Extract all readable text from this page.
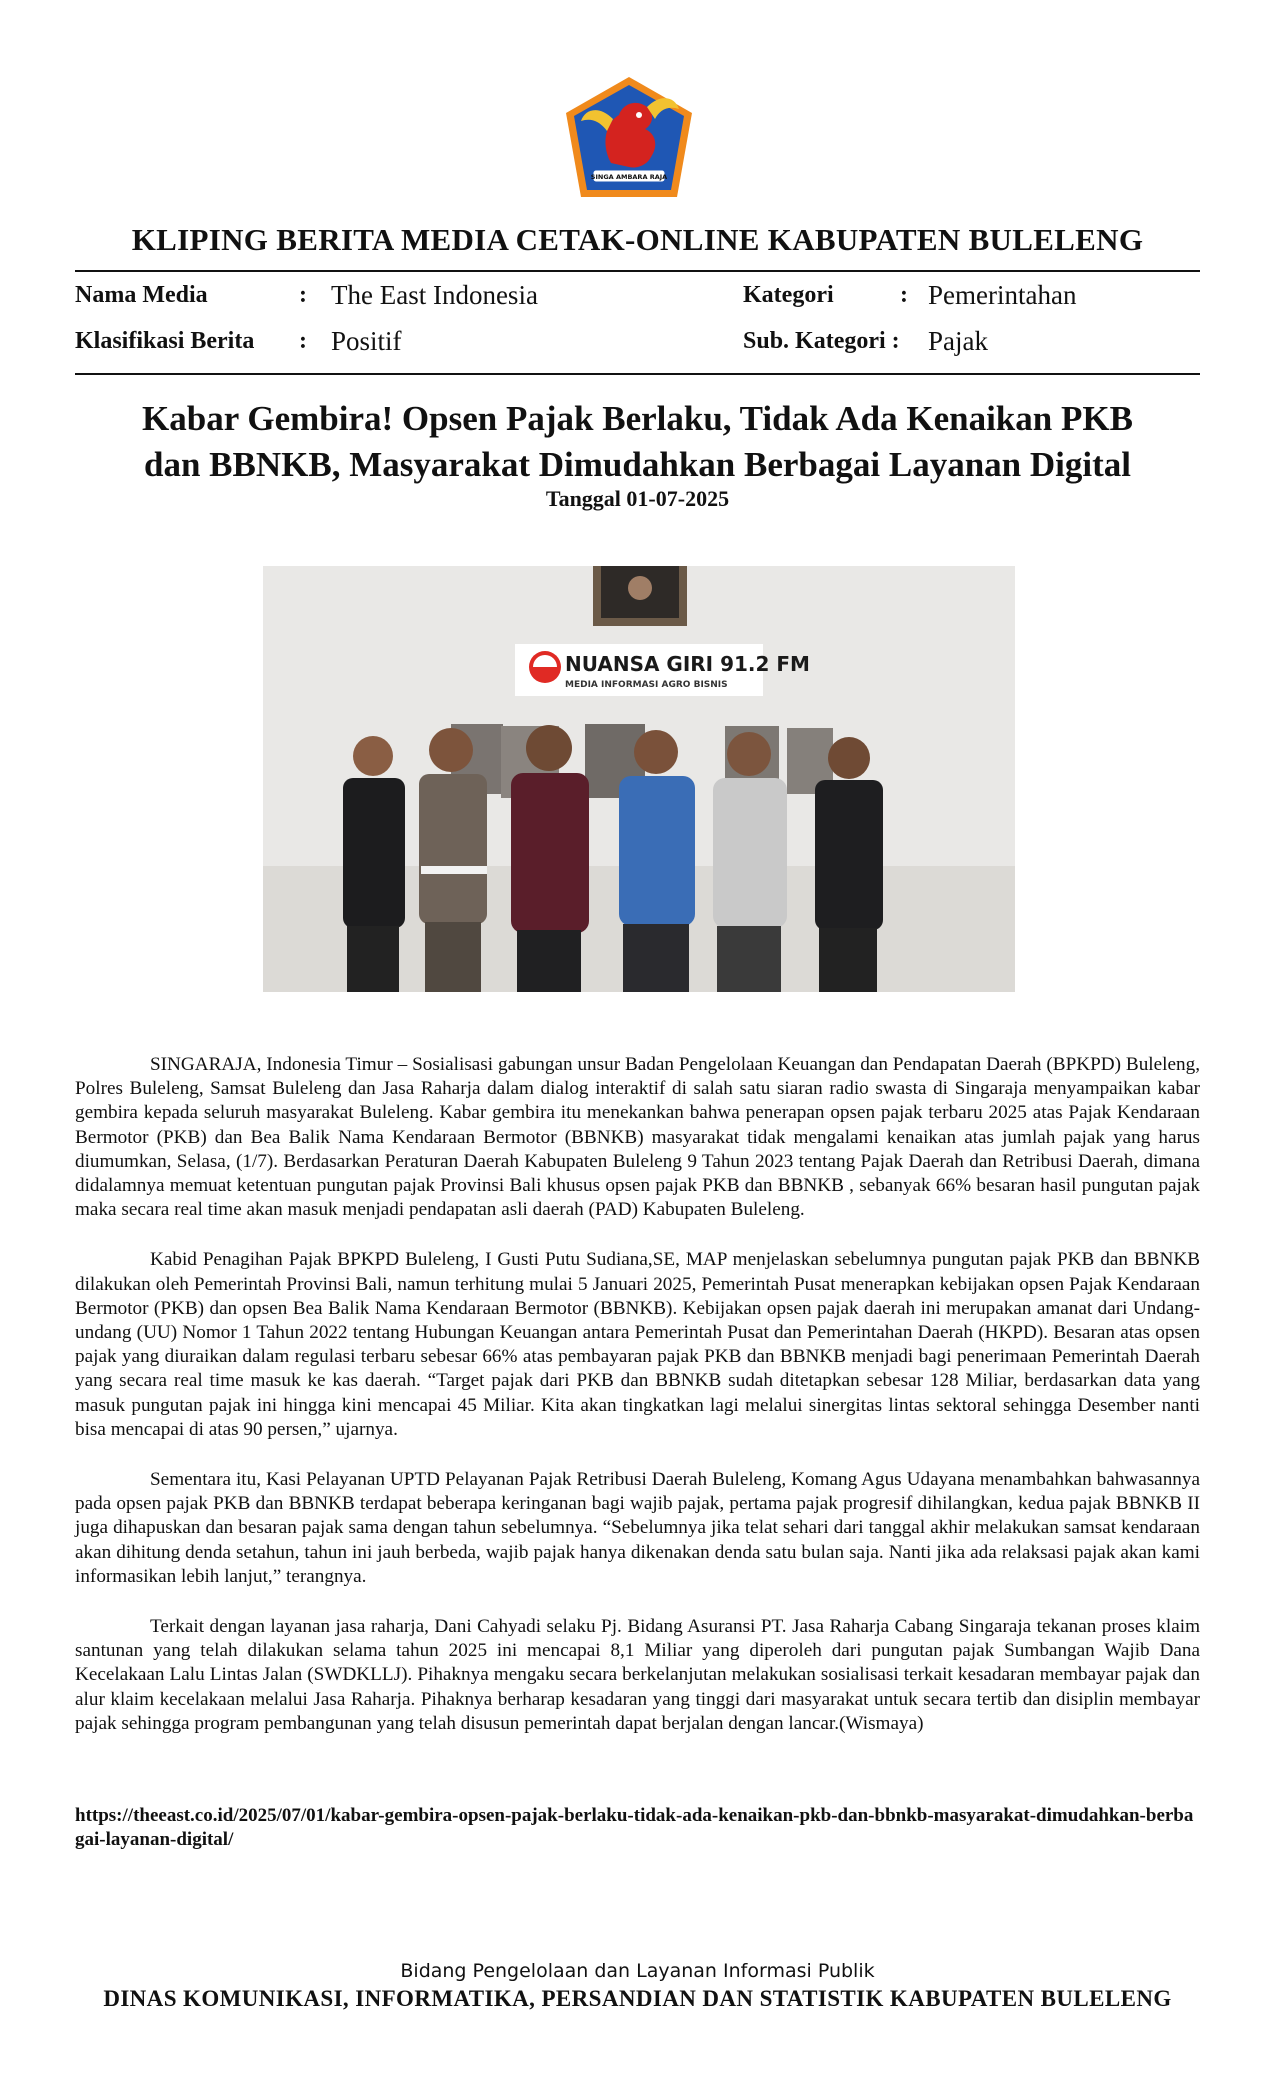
SINGA AMBARA RAJA
KLIPING BERITA MEDIA CETAK-ONLINE KABUPATEN BULELENG
Nama Media	: The East Indonesia	Kategori	: Pemerintahan
Klasifikasi Berita : Positif	Sub. Kategori : Pajak
Kabar Gembira! Opsen Pajak Berlaku, Tidak Ada Kenaikan PKB
dan BBNKB, Masyarakat Dimudahkan Berbagai Layanan Digital
Tanggal 01-07-2025
NUANSA GIRI 91.2 FM
MEDIA INFORMASI AGRO BISNIS

SINGARAJA, Indonesia Timur – Sosialisasi gabungan unsur Badan Pengelolaan Keuangan dan Pendapatan Daerah (BPKPD) Buleleng, Polres Buleleng, Samsat Buleleng dan Jasa Raharja dalam dialog interaktif di salah satu siaran radio swasta di Singaraja menyampaikan kabar gembira kepada seluruh masyarakat Buleleng. Kabar gembira itu menekankan bahwa penerapan opsen pajak terbaru 2025 atas Pajak Kendaraan Bermotor (PKB) dan Bea Balik Nama Kendaraan Bermotor (BBNKB) masyarakat tidak mengalami kenaikan atas jumlah pajak yang harus diumumkan, Selasa, (1/7). Berdasarkan Peraturan Daerah Kabupaten Buleleng 9 Tahun 2023 tentang Pajak Daerah dan Retribusi Daerah, dimana didalamnya memuat ketentuan pungutan pajak Provinsi Bali khusus opsen pajak PKB dan BBNKB , sebanyak 66% besaran hasil pungutan pajak maka secara real time akan masuk menjadi pendapatan asli daerah (PAD) Kabupaten Buleleng.

Kabid Penagihan Pajak BPKPD Buleleng, I Gusti Putu Sudiana,SE, MAP menjelaskan sebelumnya pungutan pajak PKB dan BBNKB dilakukan oleh Pemerintah Provinsi Bali, namun terhitung mulai 5 Januari 2025, Pemerintah Pusat menerapkan kebijakan opsen Pajak Kendaraan Bermotor (PKB) dan opsen Bea Balik Nama Kendaraan Bermotor (BBNKB). Kebijakan opsen pajak daerah ini merupakan amanat dari Undang-undang (UU) Nomor 1 Tahun 2022 tentang Hubungan Keuangan antara Pemerintah Pusat dan Pemerintahan Daerah (HKPD). Besaran atas opsen pajak yang diuraikan dalam regulasi terbaru sebesar 66% atas pembayaran pajak PKB dan BBNKB menjadi bagi penerimaan Pemerintah Daerah yang secara real time masuk ke kas daerah. “Target pajak dari PKB dan BBNKB sudah ditetapkan sebesar 128 Miliar, berdasarkan data yang masuk pungutan pajak ini hingga kini mencapai 45 Miliar. Kita akan tingkatkan lagi melalui sinergitas lintas sektoral sehingga Desember nanti bisa mencapai di atas 90 persen,” ujarnya.

Sementara itu, Kasi Pelayanan UPTD Pelayanan Pajak Retribusi Daerah Buleleng, Komang Agus Udayana menambahkan bahwasannya pada opsen pajak PKB dan BBNKB terdapat beberapa keringanan bagi wajib pajak, pertama pajak progresif dihilangkan, kedua pajak BBNKB II juga dihapuskan dan besaran pajak sama dengan tahun sebelumnya. “Sebelumnya jika telat sehari dari tanggal akhir melakukan samsat kendaraan akan dihitung denda setahun, tahun ini jauh berbeda, wajib pajak hanya dikenakan denda satu bulan saja. Nanti jika ada relaksasi pajak akan kami informasikan lebih lanjut,” terangnya.

Terkait dengan layanan jasa raharja, Dani Cahyadi selaku Pj. Bidang Asuransi PT. Jasa Raharja Cabang Singaraja tekanan proses klaim santunan yang telah dilakukan selama tahun 2025 ini mencapai 8,1 Miliar yang diperoleh dari pungutan pajak Sumbangan Wajib Dana Kecelakaan Lalu Lintas Jalan (SWDKLLJ). Pihaknya mengaku secara berkelanjutan melakukan sosialisasi terkait kesadaran membayar pajak dan alur klaim kecelakaan melalui Jasa Raharja. Pihaknya berharap kesadaran yang tinggi dari masyarakat untuk secara tertib dan disiplin membayar pajak sehingga program pembangunan yang telah disusun pemerintah dapat berjalan dengan lancar.(Wismaya)

https://theeast.co.id/2025/07/01/kabar-gembira-opsen-pajak-berlaku-tidak-ada-kenaikan-pkb-dan-bbnkb-masyarakat-dimudahkan-berbagai-layanan-digital/
Bidang Pengelolaan dan Layanan Informasi Publik
DINAS KOMUNIKASI, INFORMATIKA, PERSANDIAN DAN STATISTIK KABUPATEN BULELENG
